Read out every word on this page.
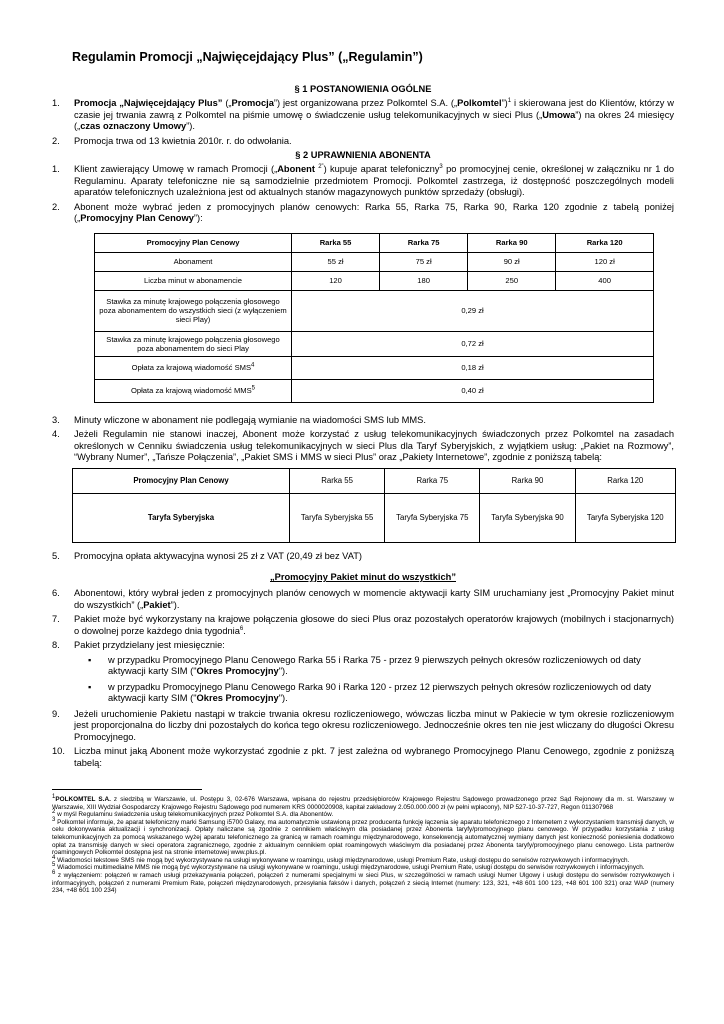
Regulamin Promocji „Najwięcejdający Plus” („Regulamin”)
§ 1 POSTANOWIENIA OGÓLNE
1.	Promocja „Najwięcejdający Plus” („Promocja”) jest organizowana przez Polkomtel S.A. („Polkomtel”)$^1$ i skierowana jest do Klientów, którzy w czasie jej trwania zawrą z Polkomtel na piśmie umowę o świadczenie usług telekomunikacyjnych w sieci Plus („Umowa”) na okres 24 miesięcy („czas oznaczony Umowy”).
2.	Promocja trwa od 13 kwietnia 2010r. r. do odwołania.
§ 2 UPRAWNIENIA ABONENTA
1.	Klient zawierający Umowę w ramach Promocji („Abonent $^{2”}$) kupuje aparat telefoniczny$^3$ po promocyjnej cenie, określonej w załączniku nr 1 do Regulaminu. Aparaty telefoniczne nie są samodzielnie przedmiotem Promocji. Polkomtel zastrzega, iż dostępność poszczególnych modeli aparatów telefonicznych uzależniona jest od aktualnych stanów magazynowych punktów sprzedaży (obsługi).
2.	Abonent może wybrać jeden z promocyjnych planów cenowych: Rarka 55, Rarka 75, Rarka 90, Rarka 120 zgodnie z tabelą poniżej („Promocyjny Plan Cenowy”):
Promocyjny Plan Cenowy	Rarka 55	Rarka 75	Rarka 90	Rarka 120
Abonament	55 zł	75 zł	90 zł	120 zł
Liczba minut w abonamencie	120	180	250	400
Stawka za minutę krajowego połączenia głosowego poza abonamentem do wszystkich sieci (z wyłączeniem sieci Play)	0,29 zł			
Stawka za minutę krajowego połączenia głosowego poza abonamentem do sieci Play	0,72 zł			
Opłata za krajową wiadomość SMS$^4$	0,18 zł			
Opłata za krajową wiadomość MMS$^5$	0,40 zł			
3.	Minuty wliczone w abonament nie podlegają wymianie na wiadomości SMS lub MMS.
4.	Jeżeli Regulamin nie stanowi inaczej, Abonent może korzystać z usług telekomunikacyjnych świadczonych przez Polkomtel na zasadach określonych w Cenniku świadczenia usług telekomunikacyjnych w sieci Plus dla Taryf Syberyjskich, z wyjątkiem usług: „Pakiet na Rozmowy”, “Wybrany Numer”, „Tańsze Połączenia”, „Pakiet SMS i MMS w sieci Plus” oraz „Pakiety Internetowe”, zgodnie z poniższą tabelą:
Promocyjny Plan Cenowy	Rarka 55	Rarka 75	Rarka 90	Rarka 120
Taryfa Syberyjska	Taryfa Syberyjska 55	Taryfa Syberyjska 75	Taryfa Syberyjska 90	Taryfa Syberyjska 120
5.	Promocyjna opłata aktywacyjna wynosi 25 zł z VAT (20,49 zł bez VAT)
„Promocyjny Pakiet minut do wszystkich”
6.	Abonentowi, który wybrał jeden z promocyjnych planów cenowych w momencie aktywacji karty SIM uruchamiany jest „Promocyjny Pakiet minut do wszystkich” („Pakiet”).
7.	Pakiet może być wykorzystany na krajowe połączenia głosowe do sieci Plus oraz pozostałych operatorów krajowych (mobilnych i stacjonarnych) o dowolnej porze każdego dnia tygodnia$^6$.
8.	Pakiet przydzielany jest miesięcznie:
▪	w przypadku Promocyjnego Planu Cenowego Rarka 55 i Rarka 75 - przez 9 pierwszych pełnych okresów rozliczeniowych od daty aktywacji karty SIM ("Okres Promocyjny").
▪	w przypadku Promocyjnego Planu Cenowego Rarka 90 i Rarka 120 - przez 12 pierwszych pełnych okresów rozliczeniowych od daty aktywacji karty SIM ("Okres Promocyjny").
9.	Jeżeli uruchomienie Pakietu nastąpi w trakcie trwania okresu rozliczeniowego, wówczas liczba minut w Pakiecie w tym okresie rozliczeniowym jest proporcjonalna do liczby dni pozostałych do końca tego okresu rozliczeniowego. Jednocześnie okres ten nie jest wliczany do długości Okresu Promocyjnego.
10. Liczba minut jaką Abonent może wykorzystać zgodnie z pkt. 7 jest zależna od wybranego Promocyjnego Planu Cenowego, zgodnie z poniższą tabelą:

$^1$POLKOMTEL S.A. z siedzibą w Warszawie, ul. Postępu 3, 02-676 Warszawa, wpisana do rejestru przedsiębiorców Krajowego Rejestru Sądowego prowadzonego przez Sąd Rejonowy dla m. st. Warszawy w Warszawie, XIII Wydział Gospodarczy Krajowego Rejestru Sądowego pod numerem KRS 0000020908, kapitał zakładowy 2.050.000.000 zł (w pełni wpłacony), NIP 527-10-37-727, Regon 011307968

$^2$ w myśl Regulaminu świadczenia usług telekomunikacyjnych przez Polkomtel S.A. dla Abonentów.

$^3$ Polkomtel informuje, że aparat telefoniczny marki Samsung i5700 Galaxy, ma automatycznie ustawioną przez producenta funkcję łączenia się aparatu telefonicznego z Internetem z wykorzystaniem transmisji danych, w celu dokonywania aktualizacji i synchronizacji. Opłaty naliczane są zgodnie z cennikiem właściwym dla posiadanej przez Abonenta taryfy/promocyjnego planu cenowego. W przypadku korzystania z usług telekomunikacyjnych za pomocą wskazanego wyżej aparatu telefonicznego za granicą w ramach roamingu międzynarodowego, konsekwencją automatycznej wymiany danych jest konieczność poniesienia dodatkowo opłat za transmisję danych w sieci operatora zagranicznego, zgodnie z aktualnym cennikiem opłat roamingowych właściwym dla posiadanej przez Abonenta taryfy/promocyjnego planu cenowego. Lista partnerów roamingowych Polkomtel dostępna jest na stronie internetowej www.plus.pl.

$^4$ Wiadomości tekstowe SMS nie mogą być wykorzystywane na usługi wykonywane w roamingu, usługi międzynarodowe, usługi Premium Rate, usługi dostępu do serwisów rozrywkowych i informacyjnych.

$^5$ Wiadomości multimedialne MMS nie mogą być wykorzystywane na usługi wykonywane w roamingu, usługi międzynarodowe, usługi Premium Rate, usługi dostępu do serwisów rozrywkowych i informacyjnych.

$^6$ z wyłączeniem: połączeń w ramach usługi przekazywania połączeń, połączeń z numerami specjalnymi w sieci Plus, w szczególności w ramach usługi Numer Ulgowy i usługi dostępu do serwisów rozrywkowych i informacyjnych, połączeń z numerami Premium Rate, połączeń międzynarodowych, przesyłania faksów i danych, połączeń z siecią Internet (numery: 123, 321, +48 601 100 123, +48 601 100 321) oraz WAP (numery 234, +48 601 100 234)
